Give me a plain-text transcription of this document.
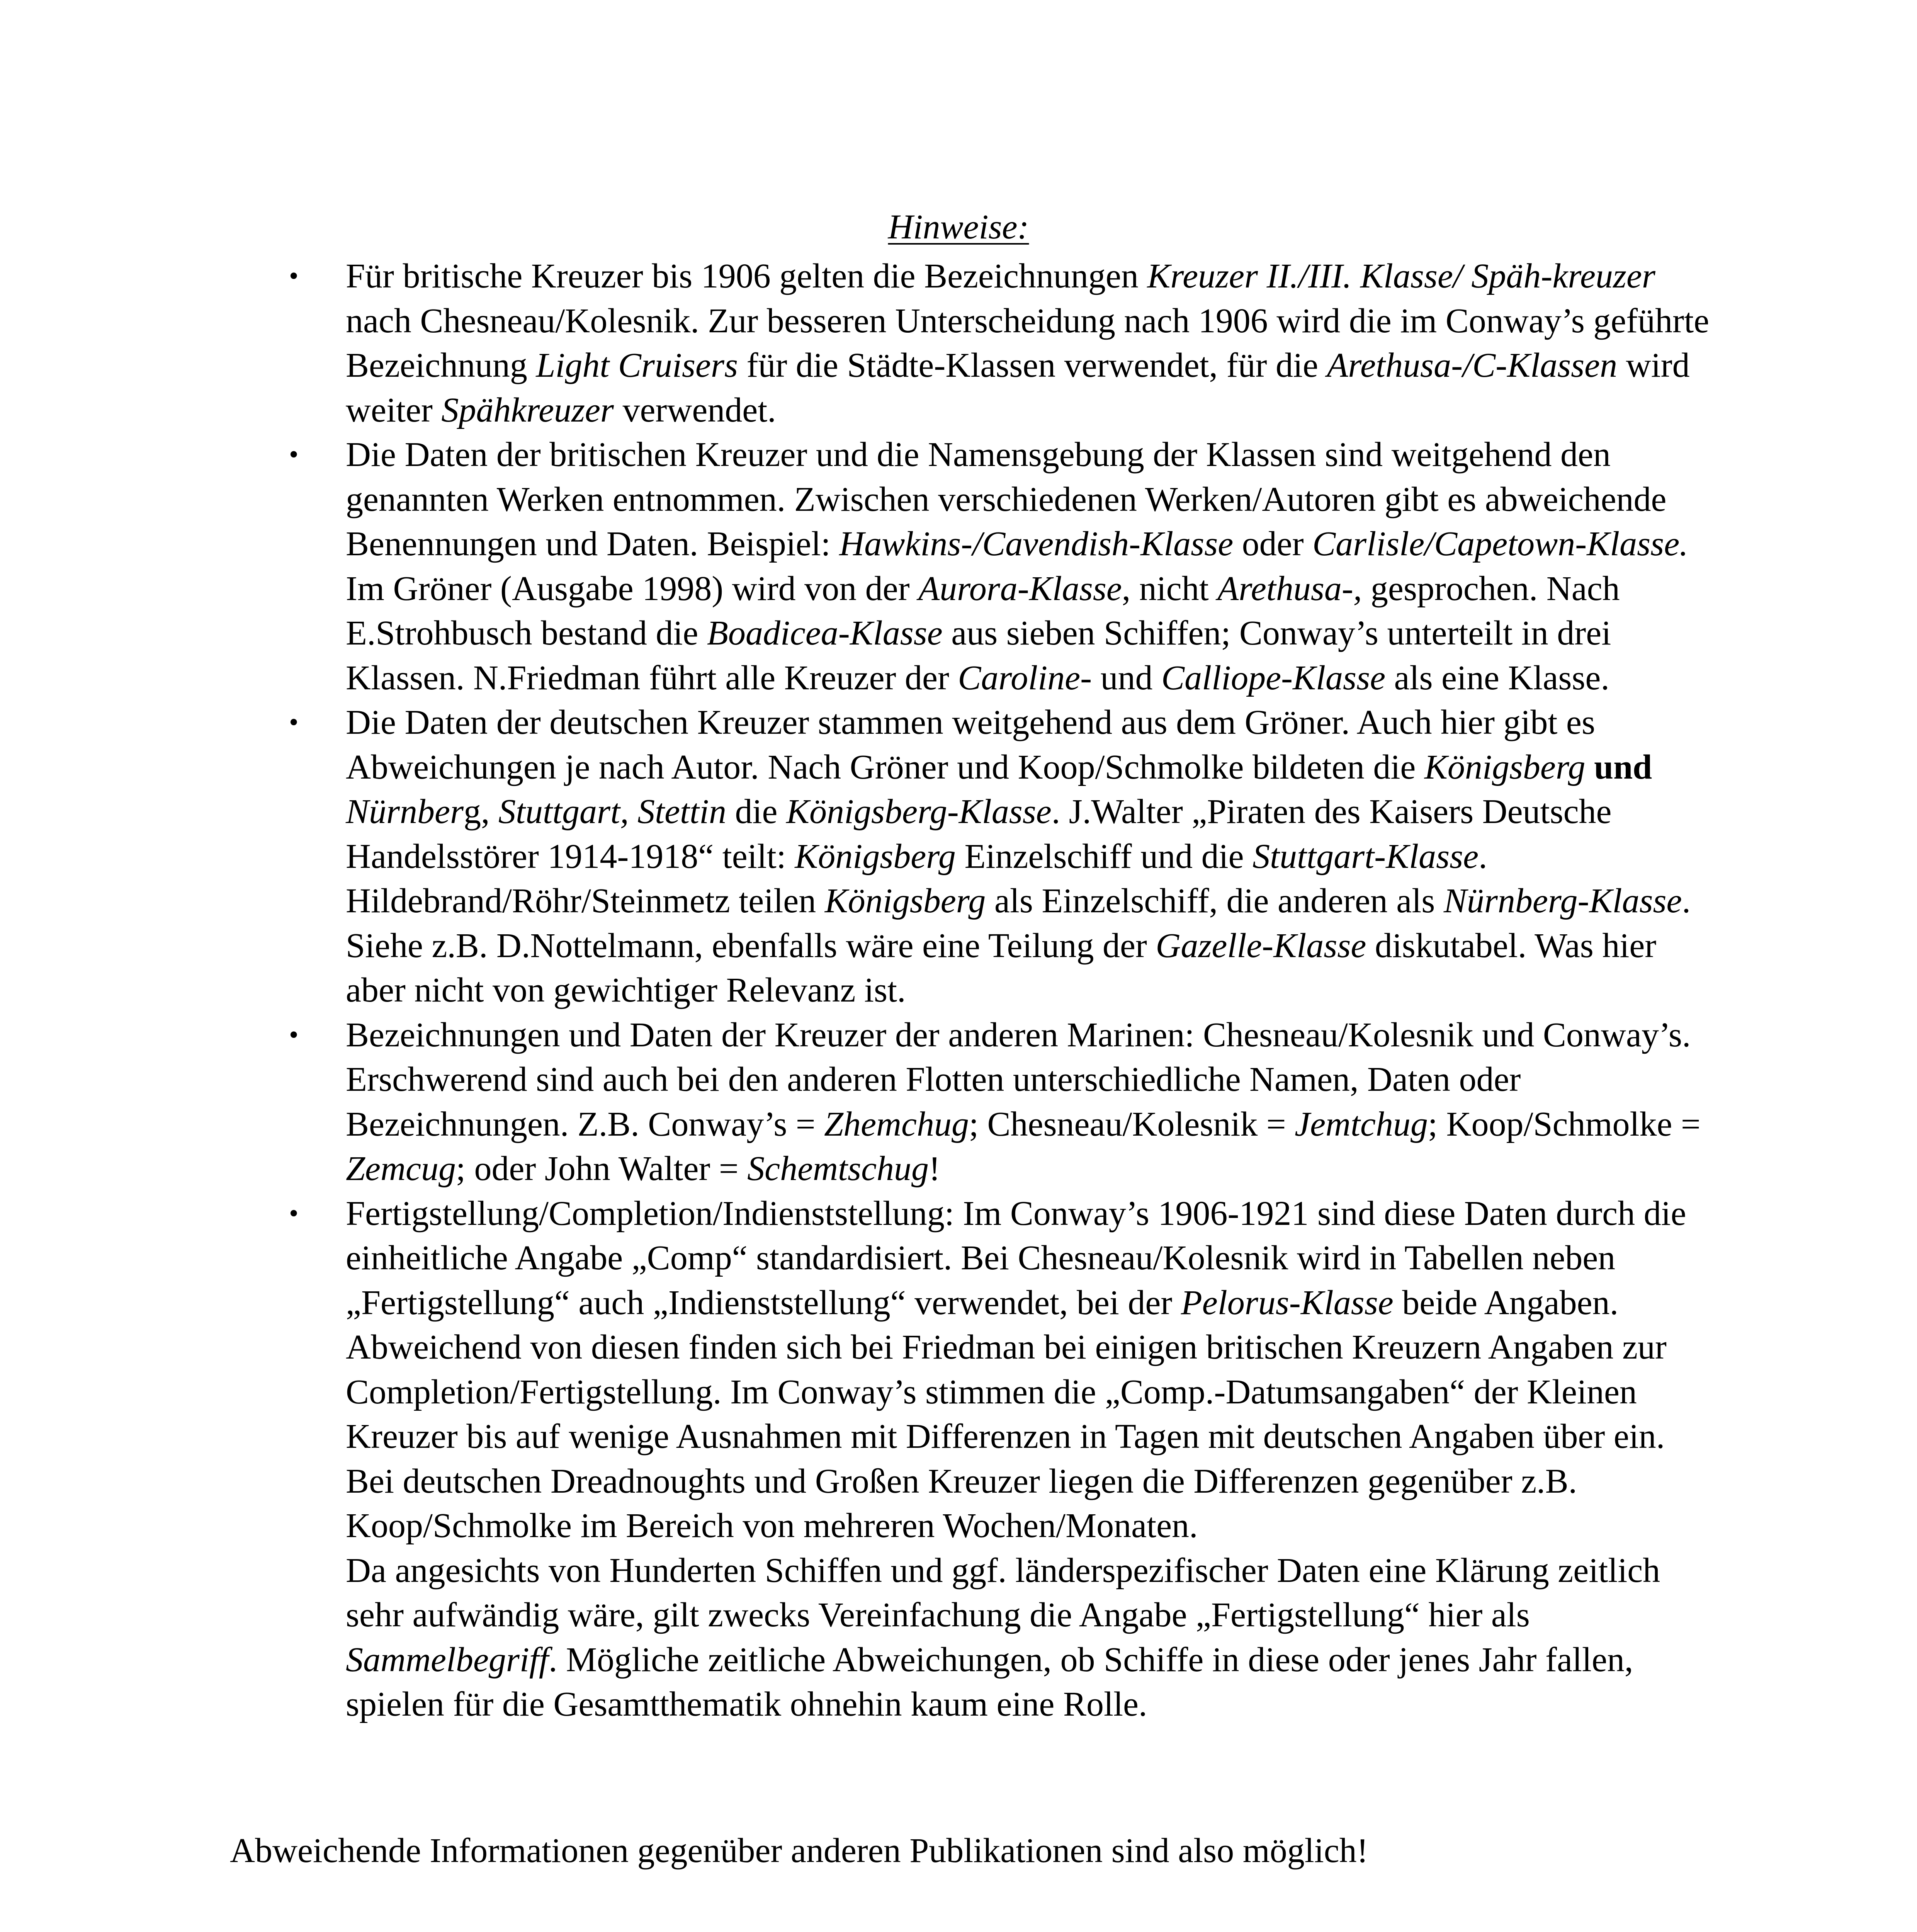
Hinweise:
• Für britische Kreuzer bis 1906 gelten die Bezeichnungen Kreuzer II./III. Klasse/ Späh-kreuzer nach Chesneau/Kolesnik. Zur besseren Unterscheidung nach 1906 wird die im Conway’s geführte Bezeichnung Light Cruisers für die Städte-Klassen verwendet, für die Arethusa-/C-Klassen wird weiter Spähkreuzer verwendet.
• Die Daten der britischen Kreuzer und die Namensgebung der Klassen sind weitgehend den genannten Werken entnommen. Zwischen verschiedenen Werken/Autoren gibt es abweichende Benennungen und Daten. Beispiel: Hawkins-/Cavendish-Klasse oder Carlisle/Capetown-Klasse. Im Gröner (Ausgabe 1998) wird von der Aurora-Klasse, nicht Arethusa-, gesprochen. Nach E.Strohbusch bestand die Boadicea-Klasse aus sieben Schiffen; Conway’s unterteilt in drei Klassen. N.Friedman führt alle Kreuzer der Caroline- und Calliope-Klasse als eine Klasse.
• Die Daten der deutschen Kreuzer stammen weitgehend aus dem Gröner. Auch hier gibt es Abweichungen je nach Autor. Nach Gröner und Koop/Schmolke bildeten die Königsberg und Nürnberg, Stuttgart, Stettin die Königsberg-Klasse. J.Walter „Piraten des Kaisers Deutsche Handelsstörer 1914-1918“ teilt: Königsberg Einzelschiff und die Stuttgart-Klasse. Hildebrand/Röhr/Steinmetz teilen Königsberg als Einzelschiff, die anderen als Nürnberg-Klasse. Siehe z.B. D.Nottelmann, ebenfalls wäre eine Teilung der Gazelle-Klasse diskutabel. Was hier aber nicht von gewichtiger Relevanz ist.
• Bezeichnungen und Daten der Kreuzer der anderen Marinen: Chesneau/Kolesnik und Conway’s. Erschwerend sind auch bei den anderen Flotten unterschiedliche Namen, Daten oder Bezeichnungen. Z.B. Conway’s = Zhemchug; Chesneau/Kolesnik = Jemtchug; Koop/Schmolke = Zemcug; oder John Walter = Schemtschug!
• Fertigstellung/Completion/Indienststellung: Im Conway’s 1906-1921 sind diese Daten durch die einheitliche Angabe „Comp“ standardisiert. Bei Chesneau/Kolesnik wird in Tabellen neben „Fertigstellung“ auch „Indienststellung“ verwendet, bei der Pelorus-Klasse beide Angaben. Abweichend von diesen finden sich bei Friedman bei einigen britischen Kreuzern Angaben zur Completion/Fertigstellung. Im Conway’s stimmen die „Comp.-Datumsangaben“ der Kleinen Kreuzer bis auf wenige Ausnahmen mit Differenzen in Tagen mit deutschen Angaben über ein. Bei deutschen Dreadnoughts und Großen Kreuzer liegen die Differenzen gegenüber z.B. Koop/Schmolke im Bereich von mehreren Wochen/Monaten.
Da angesichts von Hunderten Schiffen und ggf. länderspezifischer Daten eine Klärung zeitlich sehr aufwändig wäre, gilt zwecks Vereinfachung die Angabe „Fertigstellung“ hier als Sammelbegriff. Mögliche zeitliche Abweichungen, ob Schiffe in diese oder jenes Jahr fallen, spielen für die Gesamtthematik ohnehin kaum eine Rolle.
Abweichende Informationen gegenüber anderen Publikationen sind also möglich!
